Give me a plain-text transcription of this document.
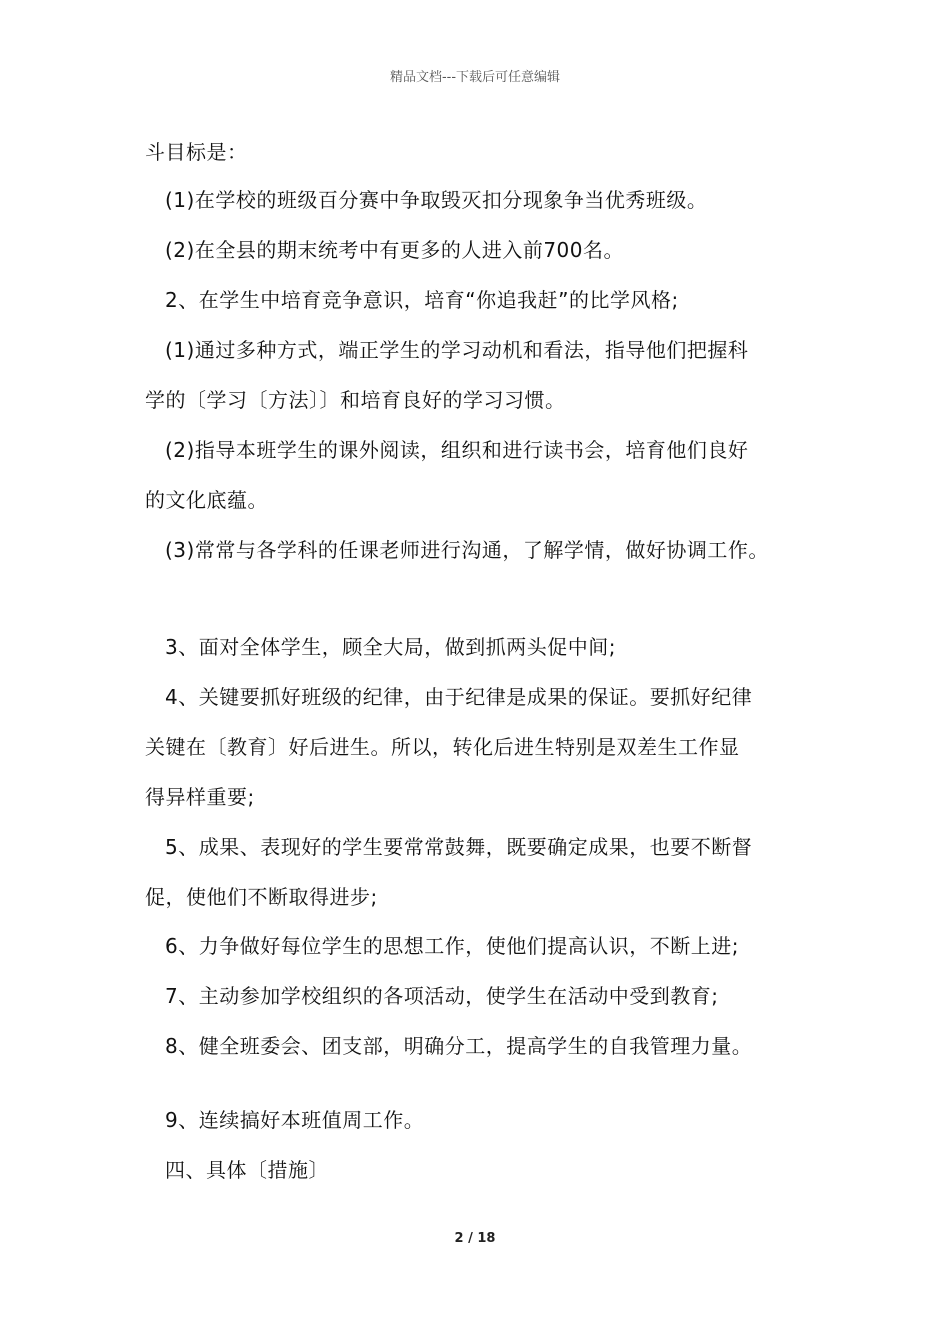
精品文档---下载后可任意编辑
斗目标是：
(1)在学校的班级百分赛中争取毁灭扣分现象争当优秀班级。
(2)在全县的期末统考中有更多的人进入前700名。
2、在学生中培育竞争意识，培育“你追我赶”的比学风格;
(1)通过多种方式，端正学生的学习动机和看法，指导他们把握科
学的〔学习〔方法〕〕和培育良好的学习习惯。
(2)指导本班学生的课外阅读，组织和进行读书会，培育他们良好
的文化底蕴。
(3)常常与各学科的任课老师进行沟通，了解学情，做好协调工作。
3、面对全体学生，顾全大局，做到抓两头促中间;
4、关键要抓好班级的纪律，由于纪律是成果的保证。要抓好纪律
关键在〔教育〕好后进生。所以，转化后进生特别是双差生工作显
得异样重要;
5、成果、表现好的学生要常常鼓舞，既要确定成果，也要不断督
促，使他们不断取得进步;
6、力争做好每位学生的思想工作，使他们提高认识，不断上进;
7、主动参加学校组织的各项活动，使学生在活动中受到教育;
8、健全班委会、团支部，明确分工，提高学生的自我管理力量。
9、连续搞好本班值周工作。
四、具体〔措施〕
2 / 18
